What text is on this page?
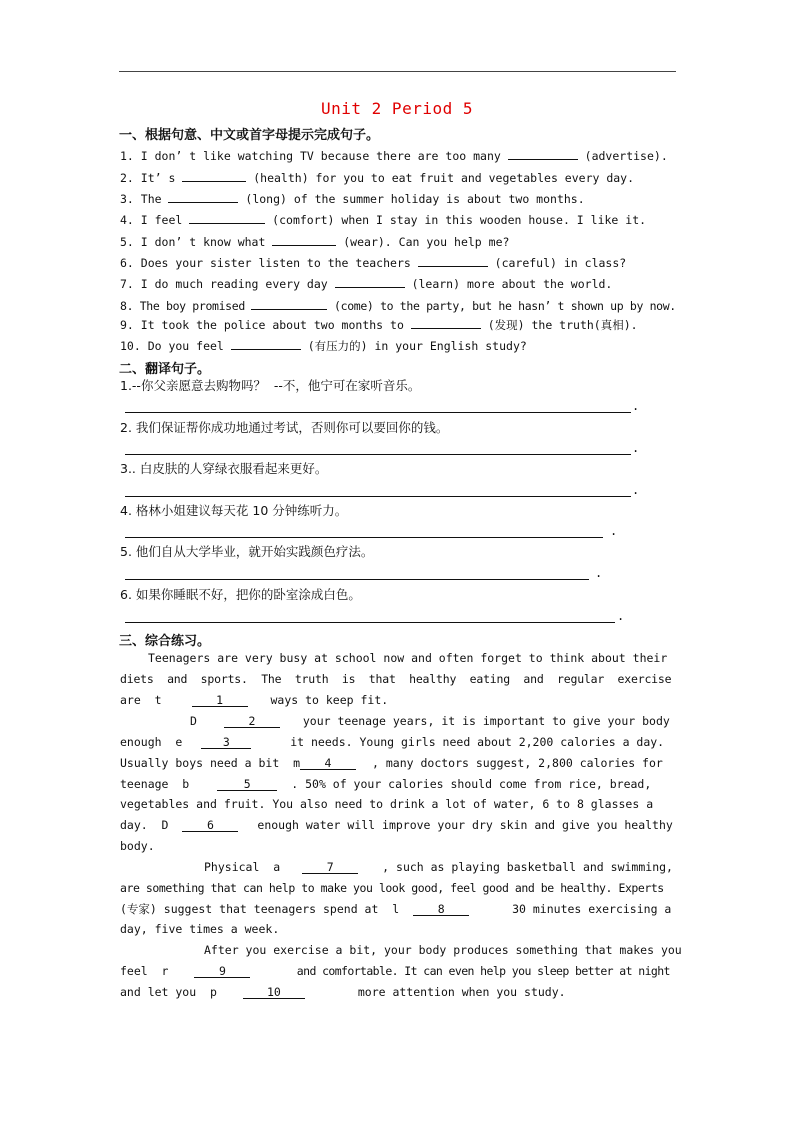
Unit 2 Period 5
一、根据句意、中文或首字母提示完成句子。
1. I don’ t like watching TV because there are too many	(advertise).
2. It’ s	(health) for you to eat fruit and vegetables every day.
3. The	(long) of the summer holiday is about two months.
4. I feel	(comfort) when I stay in this wooden house. I like it.
5. I don’ t know what	(wear). Can you help me?
6. Does your sister listen to the teachers	(careful) in class?
7. I do much reading every day	(learn) more about the world.
8. The boy promised	(come) to the party, but he hasn’ t shown up by now.
9. It took the police about two months to	(发现) the truth(真相).
10. Do you feel	(有压力的) in your English study?
二、翻译句子。
1.--你父亲愿意去购物吗？  --不，他宁可在家听音乐。
.
2. 我们保证帮你成功地通过考试，否则你可以要回你的钱。
.
3.. 白皮肤的人穿绿衣服看起来更好。
.
4. 格林小姐建议每天花 10 分钟练听力。
.
5. 他们自从大学毕业，就开始实践颜色疗法。
.
6. 如果你睡眠不好，把你的卧室涂成白色。
.
三、综合练习。
Teenagers are very busy at school now and often forget to think about their
diets  and  sports.  The  truth  is  that  healthy  eating  and  regular  exercise
are  t	1	ways to keep fit.
D	2	your teenage years, it is important to give your body
enough  e	3	it needs. Young girls need about 2,200 calories a day.
Usually boys need a bit  m 4	, many doctors suggest, 2,800 calories for
teenage  b	5	. 50% of your calories should come from rice, bread,
vegetables and fruit. You also need to drink a lot of water, 6 to 8 glasses a
day.  D	6	enough water will improve your dry skin and give you healthy
body.
Physical  a	7	, such as playing basketball and swimming,
are something that can help to make you look good, feel good and be healthy. Experts
(专家) suggest that teenagers spend at  l	8	30 minutes exercising a
day, five times a week.
After you exercise a bit, your body produces something that makes you
feel  r	9	and comfortable. It can even help you sleep better at night
and let you  p	10	more attention when you study.
